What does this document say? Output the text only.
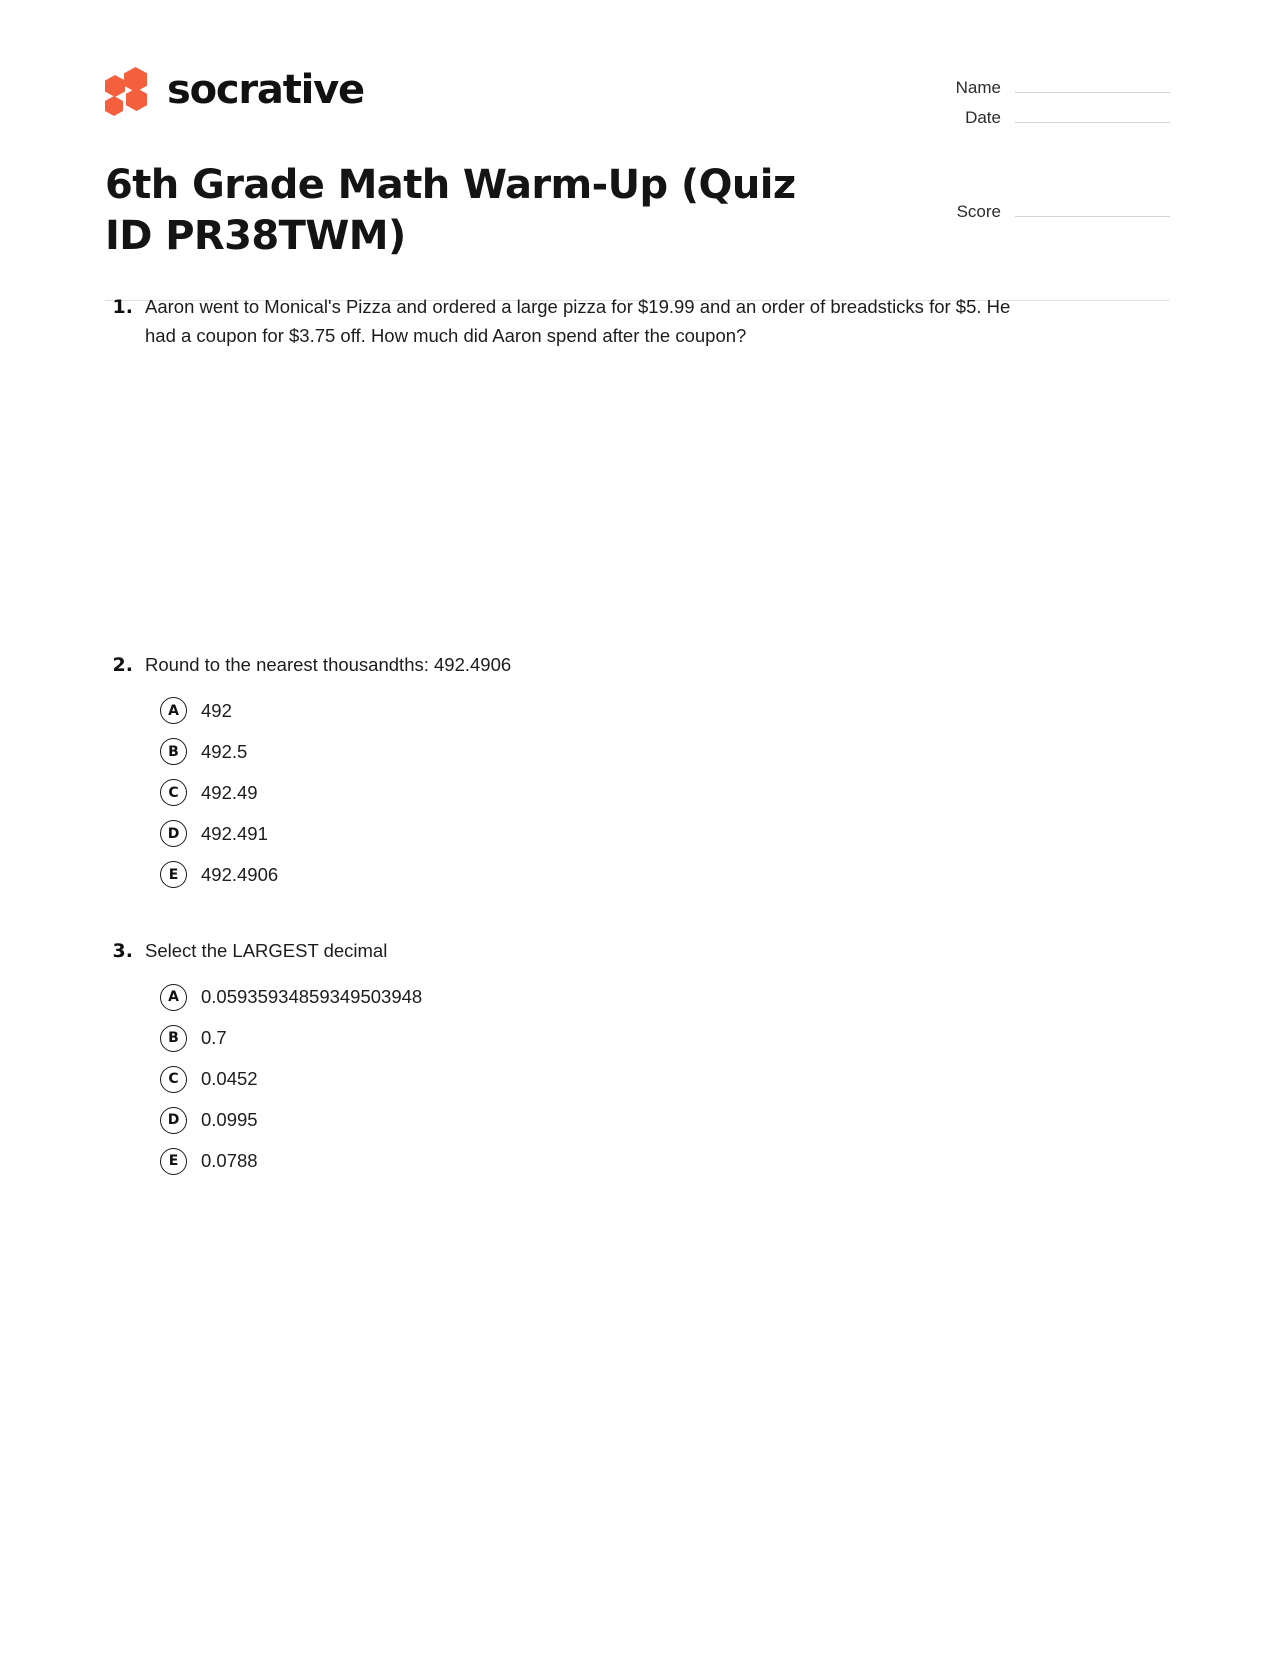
socrative
6th Grade Math Warm-Up (Quiz ID PR38TWM)
Name
Date
Score
1. Aaron went to Monical's Pizza and ordered a large pizza for $19.99 and an order of breadsticks for $5. He had a coupon for $3.75 off. How much did Aaron spend after the coupon?
2. Round to the nearest thousandths: 492.4906
A	492
B	492.5
C	492.49
D	492.491
E	492.4906
3. Select the LARGEST decimal
A	0.05935934859349503948
B	0.7
C	0.0452
D	0.0995
E	0.0788
